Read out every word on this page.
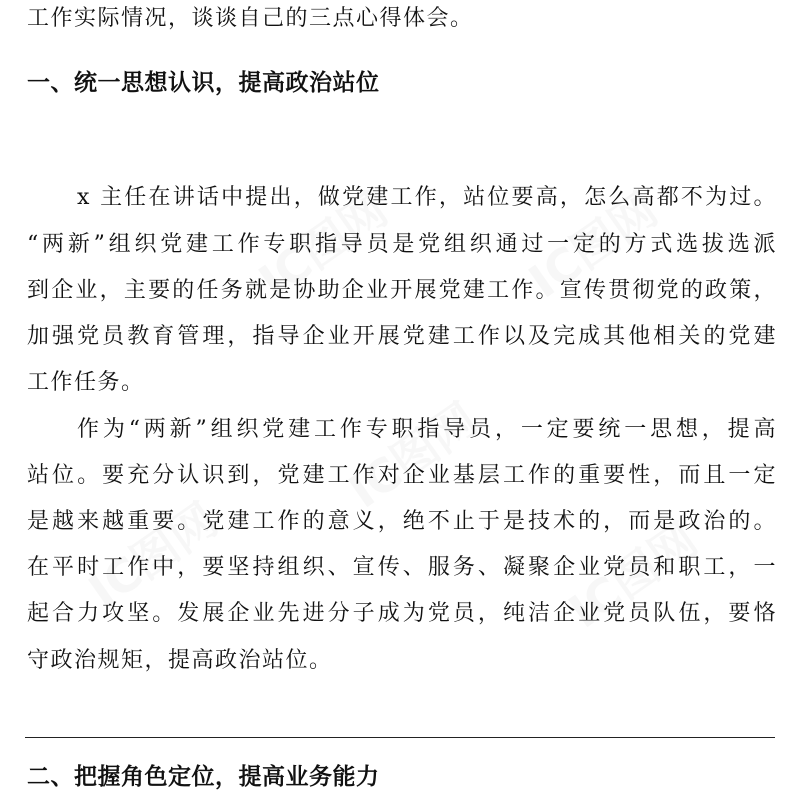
IC图网	IC图网
IC图网
IC图网
IC图网
工作实际情况，谈谈自己的三点心得体会。
一、统一思想认识，提高政治站位
x 主任在讲话中提出，做党建工作，站位要高，怎么高都不为过。
“两新”组织党建工作专职指导员是党组织通过一定的方式选拔选派
到企业，主要的任务就是协助企业开展党建工作。宣传贯彻党的政策，
加强党员教育管理，指导企业开展党建工作以及完成其他相关的党建
工作任务。
作为“两新”组织党建工作专职指导员，一定要统一思想，提高
站位。要充分认识到，党建工作对企业基层工作的重要性，而且一定
是越来越重要。党建工作的意义，绝不止于是技术的，而是政治的。
在平时工作中，要坚持组织、宣传、服务、凝聚企业党员和职工，一
起合力攻坚。发展企业先进分子成为党员，纯洁企业党员队伍，要恪
守政治规矩，提高政治站位。
二、把握角色定位，提高业务能力
